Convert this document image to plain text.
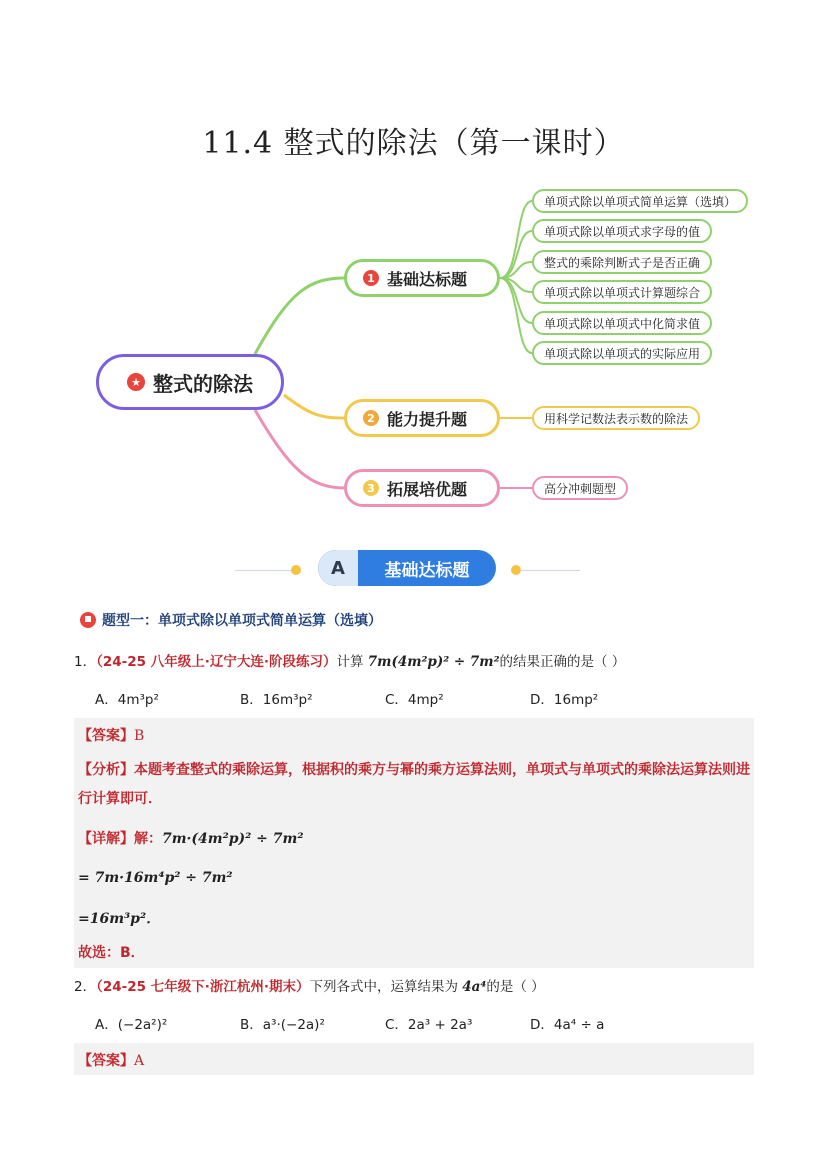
11.4 整式的除法（第一课时）
★ 整式的除法
1 基础达标题
2 能力提升题
3 拓展培优题
单项式除以单项式简单运算（选填）
单项式除以单项式求字母的值
整式的乘除判断式子是否正确
单项式除以单项式计算题综合
单项式除以单项式中化简求值
单项式除以单项式的实际应用
用科学记数法表示数的除法
高分冲刺题型
A	基础达标题
题型一：单项式除以单项式简单运算（选填）
1．（24-25 八年级上·辽宁大连·阶段练习）计算 7m(4m²p)² ÷ 7m²的结果正确的是（ ）
A．4m³p²	B．16m³p²	C．4mp²	D．16mp²
【答案】B
【分析】本题考查整式的乘除运算，根据积的乘方与幂的乘方运算法则，单项式与单项式的乘除法运算法则进行计算即可．
【详解】解：7m·(4m²p)² ÷ 7m²
= 7m·16m⁴p² ÷ 7m²
=16m³p²．
故选：B．
2．（24-25 七年级下·浙江杭州·期末）下列各式中，运算结果为 4a⁴的是（ ）
A．(−2a²)²	B．a³·(−2a)²	C．2a³ + 2a³	D．4a⁴ ÷ a
【答案】A
